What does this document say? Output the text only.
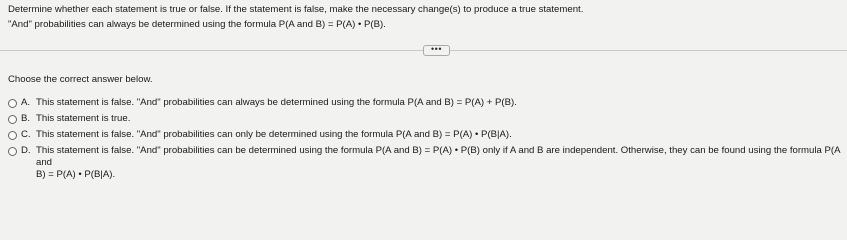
Determine whether each statement is true or false. If the statement is false, make the necessary change(s) to produce a true statement.
"And" probabilities can always be determined using the formula P(A and B) = P(A) • P(B).
•••
Choose the correct answer below.
A. This statement is false. "And" probabilities can always be determined using the formula P(A and B) = P(A) + P(B).
B. This statement is true.
C. This statement is false. "And" probabilities can only be determined using the formula P(A and B) = P(A) • P(B|A).
D. This statement is false. "And" probabilities can be determined using the formula P(A and B) = P(A) • P(B) only if A and B are independent. Otherwise, they can be found using the formula P(A and
B) = P(A) • P(B|A).
